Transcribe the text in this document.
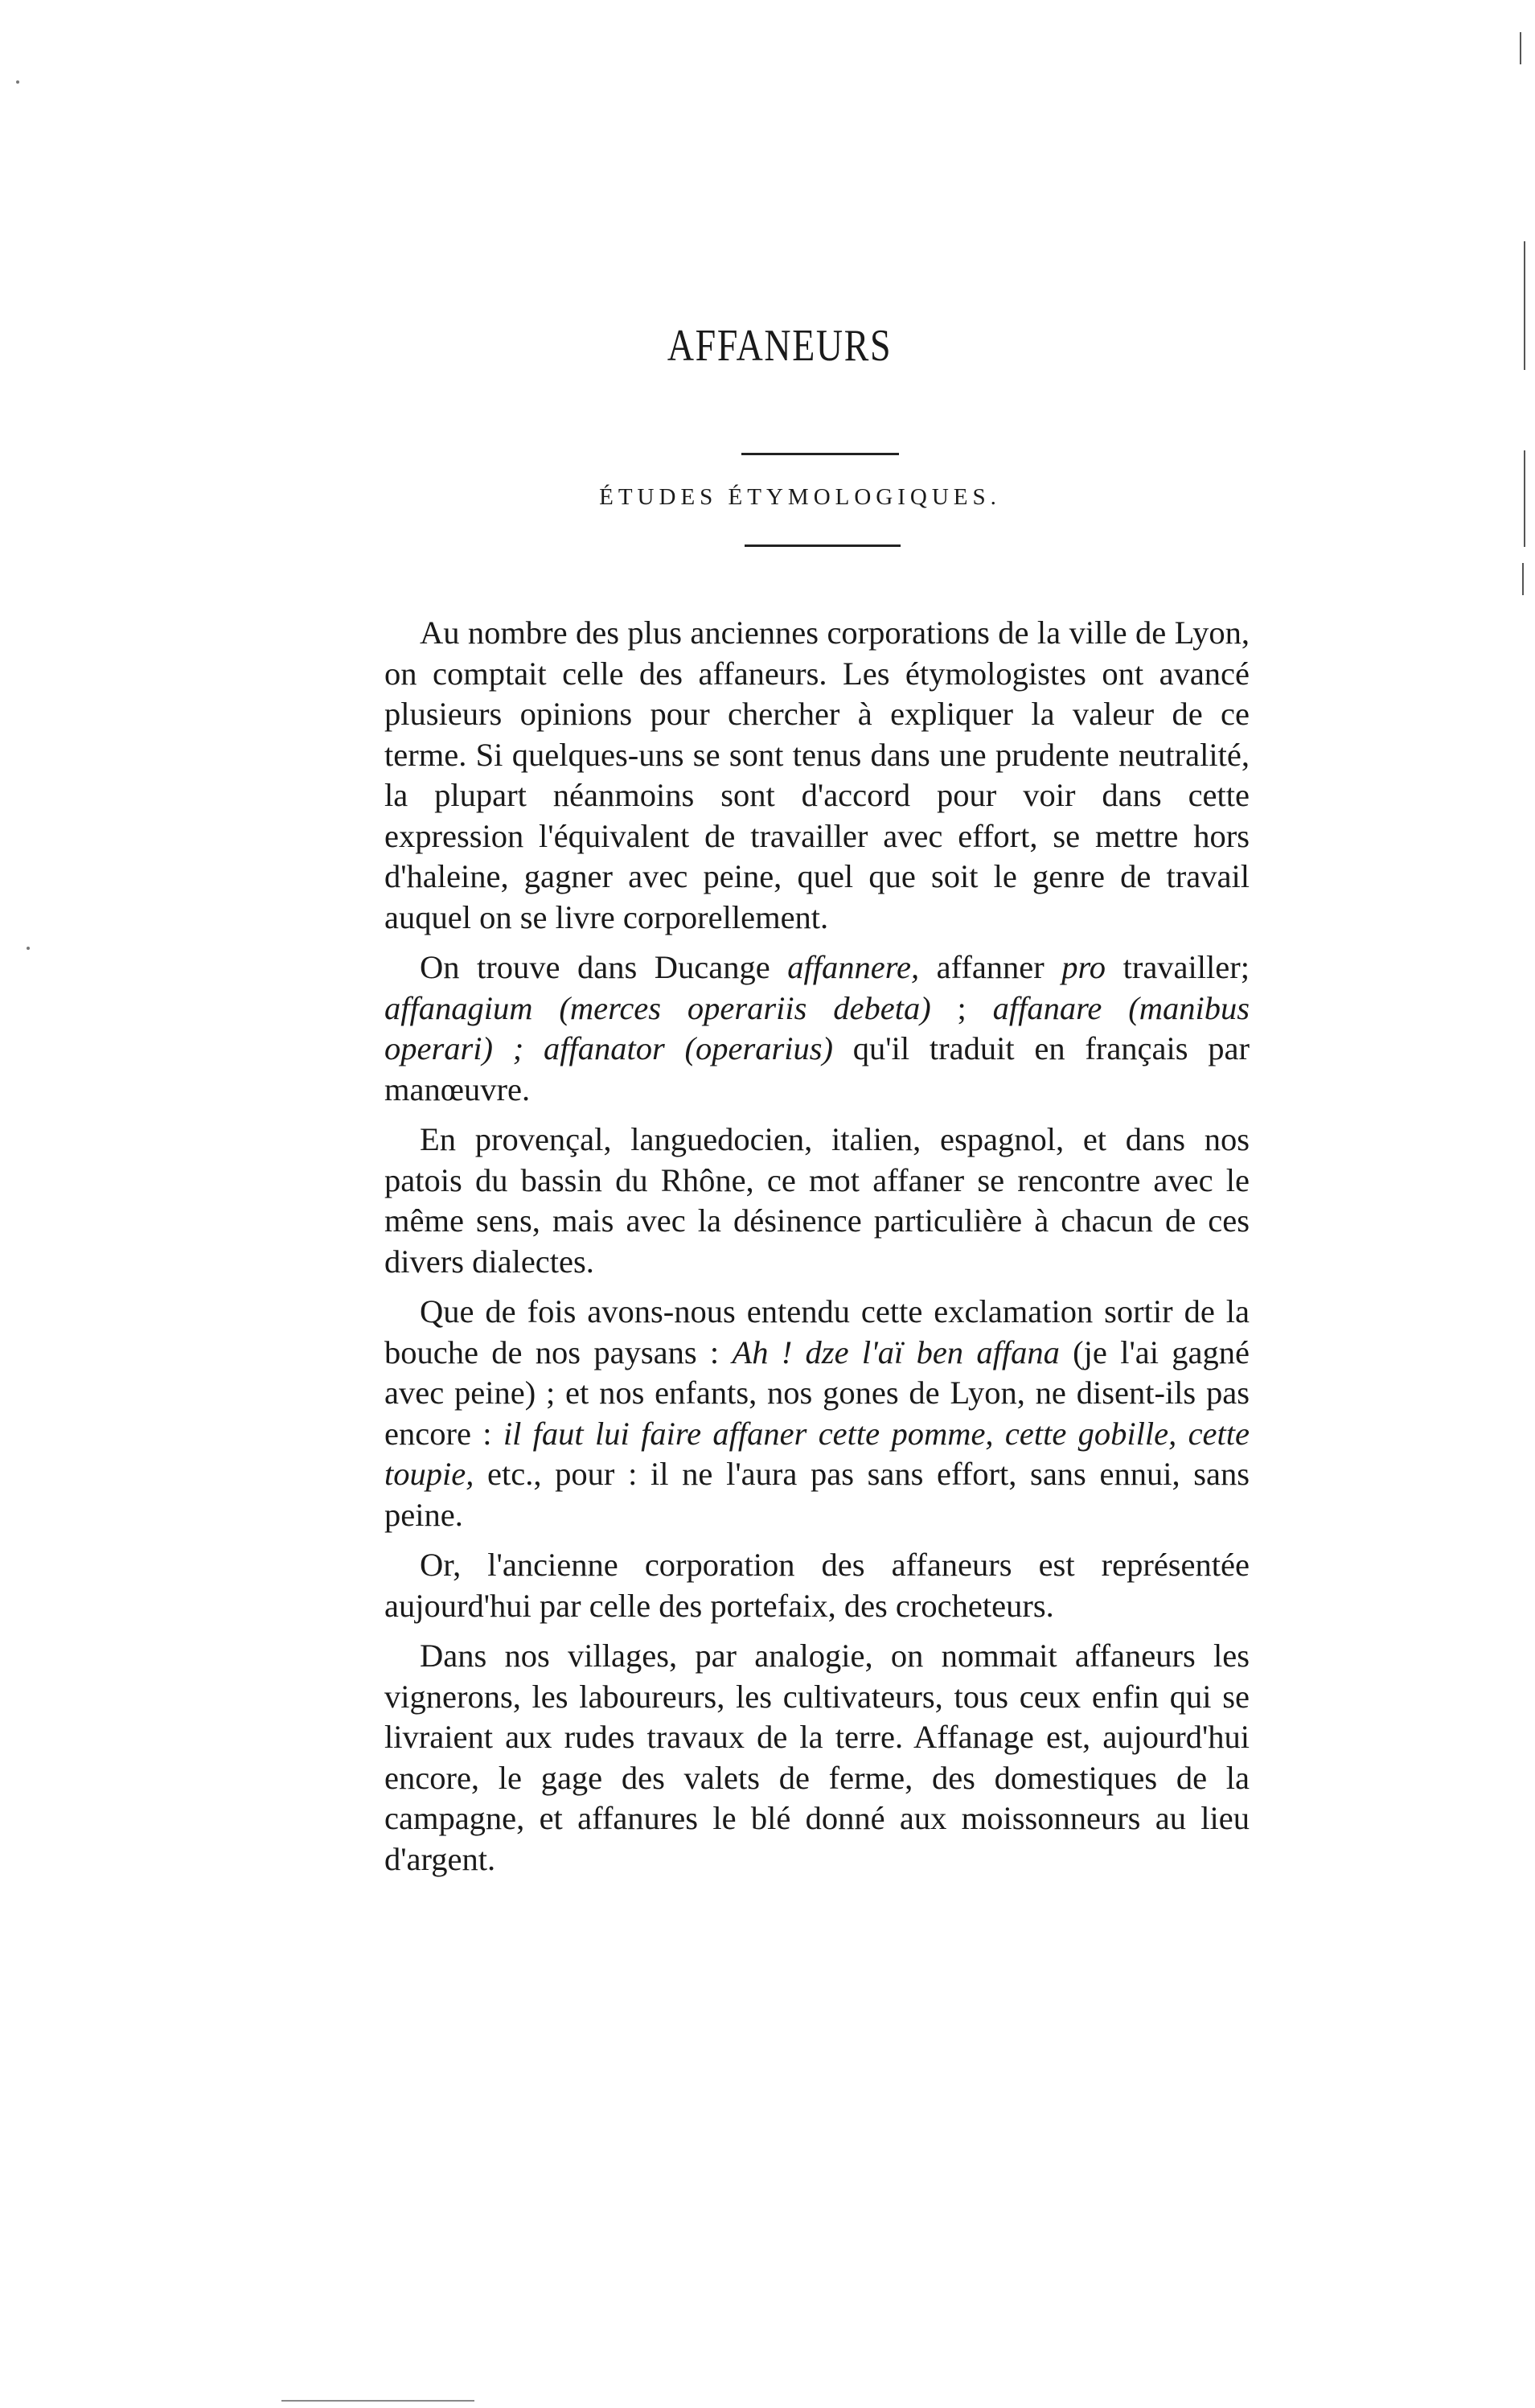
AFFANEURS
ÉTUDES ÉTYMOLOGIQUES.

Au nombre des plus anciennes corporations de la ville de Lyon, on comptait celle des affaneurs. Les étymologistes ont avancé plusieurs opinions pour chercher à expliquer la valeur de ce terme. Si quelques-uns se sont tenus dans une prudente neutralité, la plupart néanmoins sont d'accord pour voir dans cette expression l'équivalent de travailler avec effort, se mettre hors d'haleine, gagner avec peine, quel que soit le genre de travail auquel on se livre corporellement.

On trouve dans Ducange affannere, affanner pro travailler; affanagium (merces operariis debeta) ; affanare (manibus operari) ; affanator (operarius) qu'il traduit en français par manœuvre.

En provençal, languedocien, italien, espagnol, et dans nos patois du bassin du Rhône, ce mot affaner se rencontre avec le même sens, mais avec la désinence particulière à chacun de ces divers dialectes.

Que de fois avons-nous entendu cette exclamation sortir de la bouche de nos paysans : Ah ! dze l'aï ben affana (je l'ai gagné avec peine) ; et nos enfants, nos gones de Lyon, ne disent-ils pas encore : il faut lui faire affaner cette pomme, cette gobille, cette toupie, etc., pour : il ne l'aura pas sans effort, sans ennui, sans peine.

Or, l'ancienne corporation des affaneurs est représentée aujourd'hui par celle des portefaix, des crocheteurs.

Dans nos villages, par analogie, on nommait affaneurs les vignerons, les laboureurs, les cultivateurs, tous ceux enfin qui se livraient aux rudes travaux de la terre. Affanage est, aujourd'hui encore, le gage des valets de ferme, des domestiques de la campagne, et affanures le blé donné aux moissonneurs au lieu d'argent.
